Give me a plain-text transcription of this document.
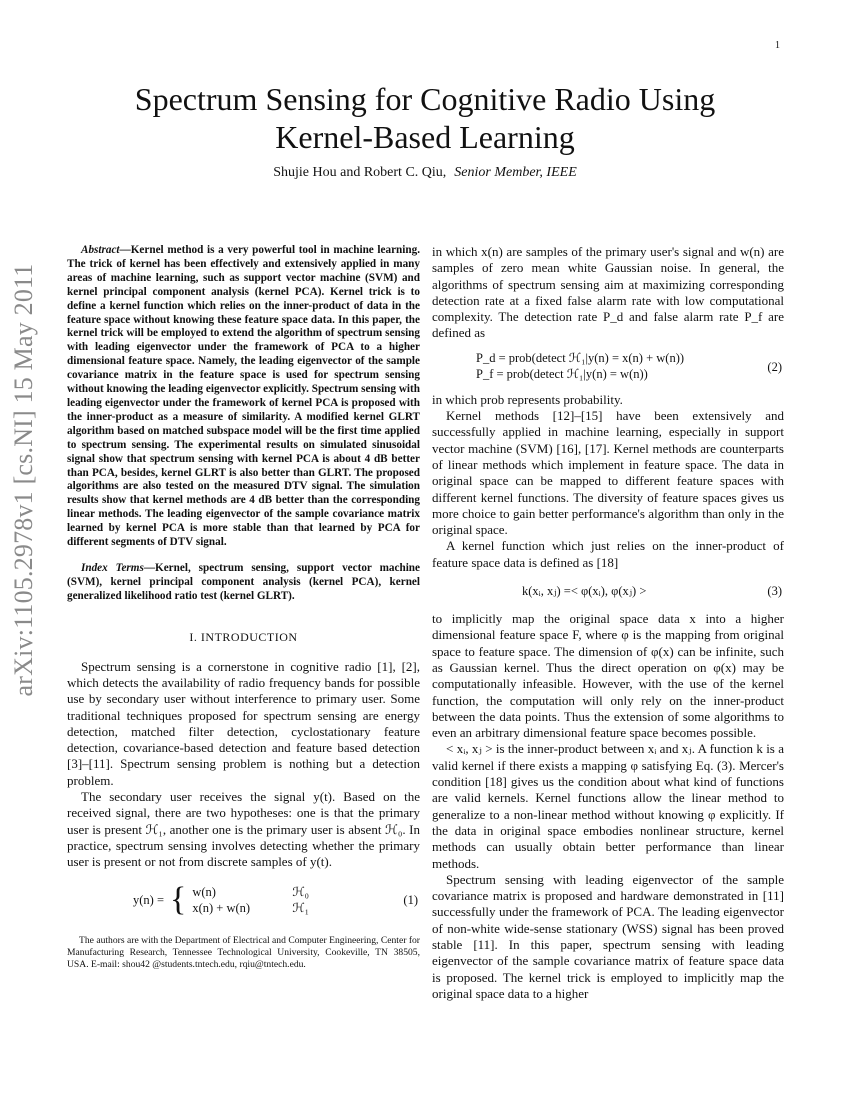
1
arXiv:1105.2978v1 [cs.NI] 15 May 2011
Spectrum Sensing for Cognitive Radio Using
Kernel-Based Learning
Shujie Hou and Robert C. Qiu, Senior Member, IEEE

Abstract—Kernel method is a very powerful tool in machine learning. The trick of kernel has been effectively and extensively applied in many areas of machine learning, such as support vector machine (SVM) and kernel principal component analysis (kernel PCA). Kernel trick is to define a kernel function which relies on the inner-product of data in the feature space without knowing these feature space data. In this paper, the kernel trick will be employed to extend the algorithm of spectrum sensing with leading eigenvector under the framework of PCA to a higher dimensional feature space. Namely, the leading eigenvector of the sample covariance matrix in the feature space is used for spectrum sensing without knowing the leading eigenvector explicitly. Spectrum sensing with leading eigenvector under the framework of kernel PCA is proposed with the inner-product as a measure of similarity. A modified kernel GLRT algorithm based on matched subspace model will be the first time applied to spectrum sensing. The experimental results on simulated sinusoidal signal show that spectrum sensing with kernel PCA is about 4 dB better than PCA, besides, kernel GLRT is also better than GLRT. The proposed algorithms are also tested on the measured DTV signal. The simulation results show that kernel methods are 4 dB better than the corresponding linear methods. The leading eigenvector of the sample covariance matrix learned by kernel PCA is more stable than that learned by PCA for different segments of DTV signal.

Index Terms—Kernel, spectrum sensing, support vector machine (SVM), kernel principal component analysis (kernel PCA), kernel generalized likelihood ratio test (kernel GLRT).

I. INTRODUCTION

Spectrum sensing is a cornerstone in cognitive radio [1], [2], which detects the availability of radio frequency bands for possible use by secondary user without interference to primary user. Some traditional techniques proposed for spectrum sensing are energy detection, matched filter detection, cyclostationary feature detection, covariance-based detection and feature based detection [3]–[11]. Spectrum sensing problem is nothing but a detection problem.

The secondary user receives the signal y(t). Based on the received signal, there are two hypotheses: one is that the primary user is present ℋ₁, another one is the primary user is absent ℋ₀. In practice, spectrum sensing involves detecting whether the primary user is present or not from discrete samples of y(t).

y(n) = { w(n)	ℋ₀
x(n) + w(n)	ℋ₁
(1)

The authors are with the Department of Electrical and Computer Engineering, Center for Manufacturing Research, Tennessee Technological University, Cookeville, TN 38505, USA. E-mail: shou42 @students.tntech.edu, rqiu@tntech.edu.

in which x(n) are samples of the primary user's signal and w(n) are samples of zero mean white Gaussian noise. In general, the algorithms of spectrum sensing aim at maximizing corresponding detection rate at a fixed false alarm rate with low computational complexity. The detection rate P_d and false alarm rate P_f are defined as

P_d = prob(detect ℋ₁|y(n) = x(n) + w(n))
P_f = prob(detect ℋ₁|y(n) = w(n))	(2)

in which prob represents probability.

Kernel methods [12]–[15] have been extensively and successfully applied in machine learning, especially in support vector machine (SVM) [16], [17]. Kernel methods are counterparts of linear methods which implement in feature space. The data in original space can be mapped to different feature spaces with different kernel functions. The diversity of feature spaces gives us more choice to gain better performance's algorithm than only in the original space.

A kernel function which just relies on the inner-product of feature space data is defined as [18]

k(xᵢ, xⱼ) =< φ(xᵢ), φ(xⱼ) >	(3)

to implicitly map the original space data x into a higher dimensional feature space F, where φ is the mapping from original space to feature space. The dimension of φ(x) can be infinite, such as Gaussian kernel. Thus the direct operation on φ(x) may be computationally infeasible. However, with the use of the kernel function, the computation will only rely on the inner-product between the data points. Thus the extension of some algorithms to even an arbitrary dimensional feature space becomes possible.

< xᵢ, xⱼ > is the inner-product between xᵢ and xⱼ. A function k is a valid kernel if there exists a mapping φ satisfying Eq. (3). Mercer's condition [18] gives us the condition about what kind of functions are valid kernels. Kernel functions allow the linear method to generalize to a non-linear method without knowing φ explicitly. If the data in original space embodies nonlinear structure, kernel methods can usually obtain better performance than linear methods.

Spectrum sensing with leading eigenvector of the sample covariance matrix is proposed and hardware demonstrated in [11] successfully under the framework of PCA. The leading eigenvector of non-white wide-sense stationary (WSS) signal has been proved stable [11]. In this paper, spectrum sensing with leading eigenvector of the sample covariance matrix of feature space data is proposed. The kernel trick is employed to implicitly map the original space data to a higher
